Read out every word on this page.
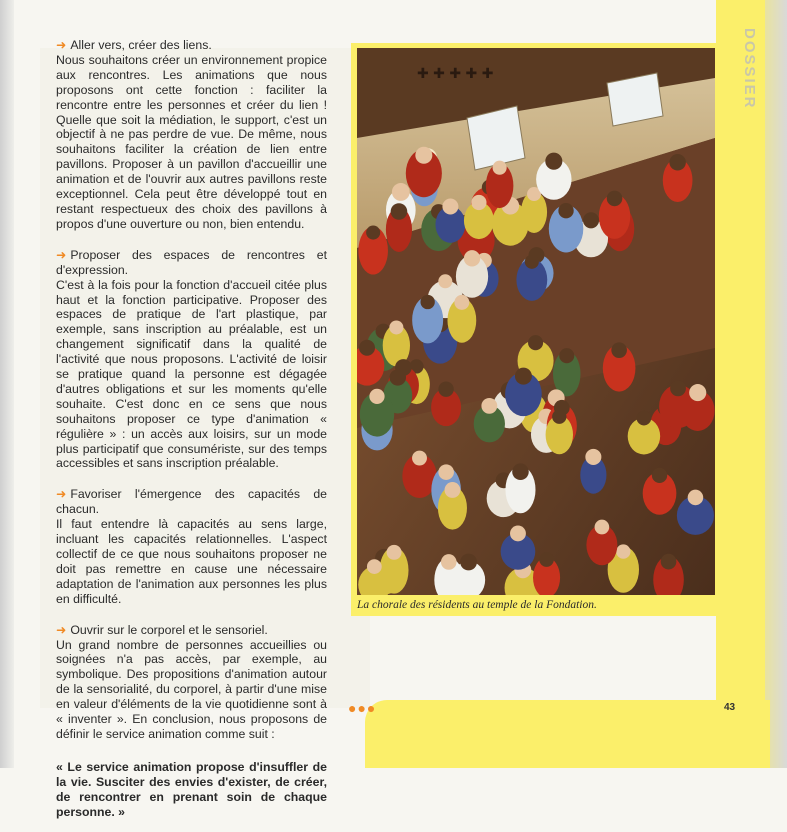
DOSSIER

➜ Aller vers, créer des liens.
Nous souhaitons créer un environnement propice aux rencontres. Les animations que nous proposons ont cette fonction : faciliter la rencontre entre les personnes et créer du lien ! Quelle que soit la médiation, le support, c'est un objectif à ne pas perdre de vue. De même, nous souhaitons faciliter la création de lien entre pavillons. Proposer à un pavillon d'accueillir une animation et de l'ouvrir aux autres pavillons reste exceptionnel. Cela peut être développé tout en restant respectueux des choix des pavillons à propos d'une ouverture ou non, bien entendu.

➜ Proposer des espaces de rencontres et d'expression.
C'est à la fois pour la fonction d'accueil citée plus haut et la fonction participative. Proposer des espaces de pratique de l'art plastique, par exemple, sans inscription au préalable, est un changement significatif dans la qualité de l'activité que nous proposons. L'activité de loisir se pratique quand la personne est dégagée d'autres obligations et sur les moments qu'elle souhaite. C'est donc en ce sens que nous souhaitons proposer ce type d'animation « régulière » : un accès aux loisirs, sur un mode plus participatif que consumériste, sur des temps accessibles et sans inscription préalable.

➜ Favoriser l'émergence des capacités de chacun.
Il faut entendre là capacités au sens large, incluant les capacités relationnelles. L'aspect collectif de ce que nous souhaitons proposer ne doit pas remettre en cause une nécessaire adaptation de l'animation aux personnes les plus en difficulté.

➜ Ouvrir sur le corporel et le sensoriel.
Un grand nombre de personnes accueillies ou soignées n'a pas accès, par exemple, au symbolique. Des propositions d'animation autour de la sensorialité, du corporel, à partir d'une mise en valeur d'éléments de la vie quotidienne sont à « inventer ». En conclusion, nous proposons de définir le service animation comme suit :

« Le service animation propose d'insuffler de la vie. Susciter des envies d'exister, de créer, de rencontrer en prenant soin de chaque personne. »

✚ ✚ ✚ ✚ ✚
La chorale des résidents au temple de la Fondation.
●●●	43
